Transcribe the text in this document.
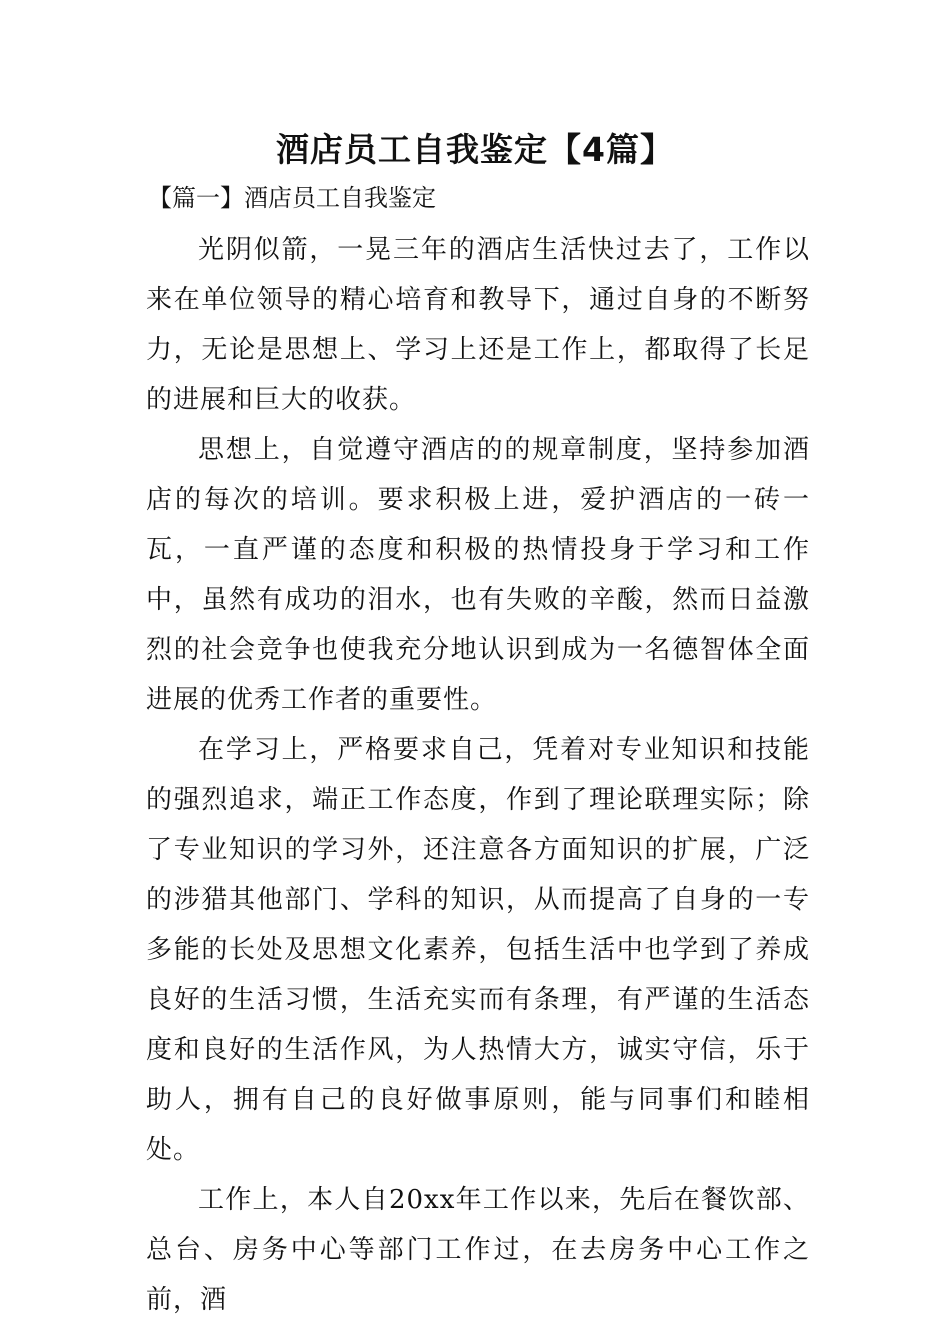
酒店员工自我鉴定【4篇】
【篇一】酒店员工自我鉴定

光阴似箭，一晃三年的酒店生活快过去了，工作以来在单位领导的精心培育和教导下，通过自身的不断努力，无论是思想上、学习上还是工作上，都取得了长足的进展和巨大的收获。

思想上，自觉遵守酒店的的规章制度，坚持参加酒店的每次的培训。要求积极上进，爱护酒店的一砖一瓦，一直严谨的态度和积极的热情投身于学习和工作中，虽然有成功的泪水，也有失败的辛酸，然而日益激烈的社会竞争也使我充分地认识到成为一名德智体全面进展的优秀工作者的重要性。

在学习上，严格要求自己，凭着对专业知识和技能的强烈追求，端正工作态度，作到了理论联理实际；除了专业知识的学习外，还注意各方面知识的扩展，广泛的涉猎其他部门、学科的知识，从而提高了自身的一专多能的长处及思想文化素养，包括生活中也学到了养成良好的生活习惯，生活充实而有条理，有严谨的生活态度和良好的生活作风，为人热情大方，诚实守信，乐于助人，拥有自己的良好做事原则，能与同事们和睦相处。

工作上，本人自20xx年工作以来，先后在餐饮部、总台、房务中心等部门工作过，在去房务中心工作之前，酒
